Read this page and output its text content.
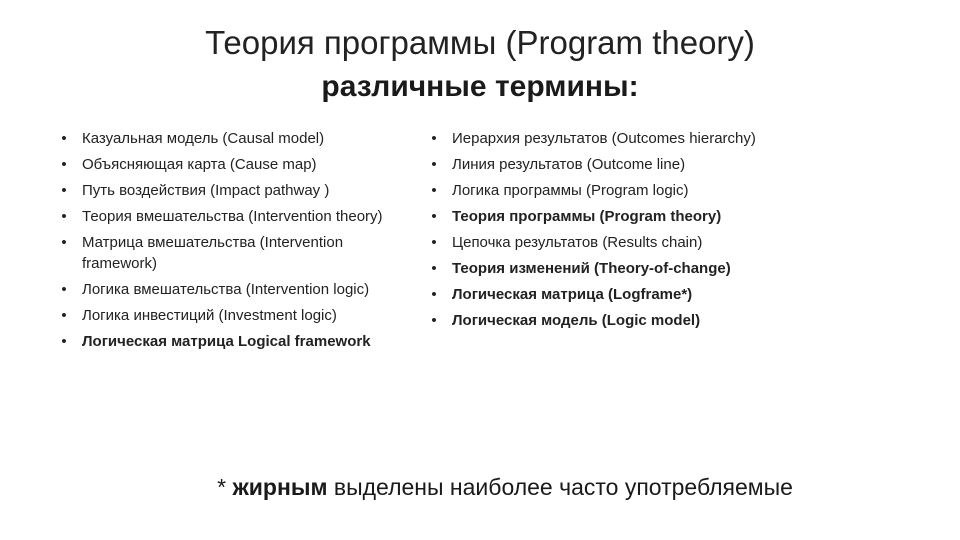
Теория программы (Program theory)
различные термины:
• Казуальная модель (Causal model)
• Объясняющая карта (Cause map)
• Путь воздействия (Impact pathway )
• Теория вмешательства (Intervention theory)
• Матрица вмешательства (Intervention framework)
• Логика вмешательства (Intervention logic)
• Логика инвестиций (Investment logic)
• Логическая матрица Logical framework
• Иерархия результатов (Outcomes hierarchy)
• Линия результатов (Outcome line)
• Логика программы (Program logic)
• Теория программы (Program theory)
• Цепочка результатов (Results chain)
• Теория изменений (Theory-of-change)
• Логическая матрица (Logframe*)
• Логическая модель (Logic model)
* жирным выделены наиболее часто употребляемые
